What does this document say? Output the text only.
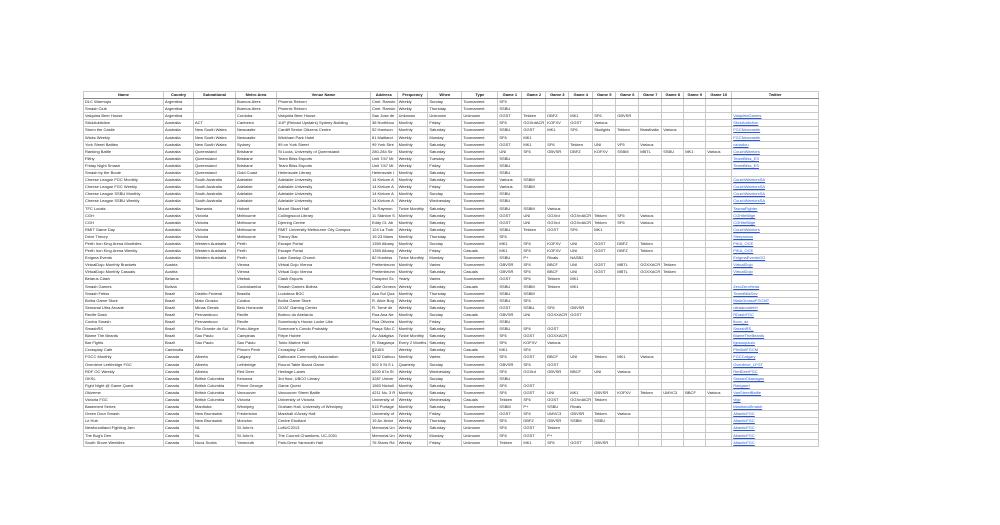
Name	Country	Subnational	Metro Area	Venue Name	Address	Frequency	When	Type	Game 1	Game 2	Game 3	Game 4	Game 5	Game 6	Game 7	Game 8	Game 9	Game 10	Twitter
DLC Warmups	Argentina		Buenos Aires	Phoenix Reborn	Cnel. Ramón	Weekly	Sunday	Tournament	SF5										
Smash Club	Argentina		Buenos Aires	Phoenix Reborn	Cnel. Ramón	Weekly	Thursday	Tournament	SSBU										
Valquiria Beer House	Argentina		Cordoba	Valquiria Beer House	San Jose de	Unknown	Unknown	Unknown	GGST	Tekken	DBFZ	MK1	SF6	GBVSR					ValquiriaGames
StickAddiction	Australia	ACT	Canberra	1UP (Reload Upstairs) Sydney Building	38 Northbou	Monthly	Friday	Tournament	SF6	GGXrdACR	KOFXV	GGST	Various						StickAddiction
Storm the Castle	Australia	New South Wales	Newcastle	Cardiff Senior Citizens Centre	52 Harrison	Monthly	Saturday	Tournament	SSBU	GGST	MK1	SF6	Skullgirls	Tekken	Brawlhalla	Various			FGCNewcastle
Wicks Weekly	Australia	New South Wales	Newcastle	Wickham Park Hotel	61 Maitland	Weekly	Monday	Tournament	SF6	MK1									FGCNewcastle
York Street Battles	Australia	New South Wales	Sydney	99 on York Street	99 York Stre	Monthly	Saturday	Tournament	GGST	MK1	SF6	Tekken	UNI	VF5	Various				ozhadou
Ranking Battle	Australia	Queensland	Brisbane	St Lucia, University of Queensland	280-284 Sir	Monthly	Saturday	Tournament	UNI	SF6	GBVSR	DBFZ	KOFXV	SSBM	MBTL	SSBU	MK1	Various	CouchWarriors
Filthy	Australia	Queensland	Brisbane	Team Bliss Esports	Unit 7/47 Mi	Weekly	Tuesday	Tournament	SSBU										TeamBliss_ES
Friday Night Smash	Australia	Queensland	Brisbane	Team Bliss Esports	Unit 7/47 Mi	Weekly	Friday	Tournament	SSBU										TeamBliss_ES
Smash by the Boote	Australia	Queensland	Gold Coast	Helensvale Library	Helensvale I	Monthly	Saturday	Tournament	SSBU										
Cheese League FGC Monthly	Australia	South Australia	Adelaide	Adelaide University	14 Kintore A	Monthly	Saturday	Tournament	Various	SSBM									CouchWarriorsSA
Cheese League FGC Weekly	Australia	South Australia	Adelaide	Adelaide University	14 Kintore A	Weekly	Friday	Tournament	Various	SSBM									CouchWarriorsSA
Cheese League SSBU Monthly	Australia	South Australia	Adelaide	Adelaide University	14 Kintore A	Monthly	Sunday	Tournament	SSBU										CouchWarriorsSA
Cheese League SSBU Weekly	Australia	South Australia	Adelaide	Adelaide University	14 Kintore A	Weekly	Wednesday	Tournament	SSBU										CouchWarriorsSA
TFC Locals	Australia	Tasmania	Hobart	Mount Stuart Hall	7a Raymon	Twice Monthly	Saturday	Tournament	SSBU	SSBM	Various								TasmaFighter
CGH	Australia	Victoria	Melbourne	Collingwood Library	11 Stanton S	Monthly	Saturday	Tournament	GGST	UNI	GGXrd	GGXrdACR	Tekken	SF6	Various				CGHiteBilge
CGH	Australia	Victoria	Melbourne	Djerring Centre	Eddy Ct. Ab	Monthly	Saturday	Tournament	GGST	UNI	GGXrd	GGXrdACR	Tekken	SF6	Various				CGHiteBilge
RMIT Game Day	Australia	Victoria	Melbourne	RMIT University Melbourne City Campus	124 La Trob	Weekly	Saturday	Tournament	SSBU	Tekken	GGST	SF6	MK1						CouchWarriors
Drive Theory	Australia	Victoria	Melbourne	Theory Bar	19-23 Mans	Monthly	Thursday	Tournament	SF6										Sleeplahos
Perth Iron King Arena Monthlies	Australia	Western Australia	Perth	Escape Portal	1359 Albany	Monthly	Sunday	Tournament	MK1	SF6	KOFXV	UNI	GGST	DBFZ	Tekken				PIKA_OCE
Perth Iron King Arena Weekly	Australia	Western Australia	Perth	Escape Portal	1359 Albany	Weekly	Friday	Casuals	MK1	SF6	KOFXV	UNI	GGST	DBFZ	Tekken				PIKA_OCE
Enigma Events	Australia	Western Australia	Perth	Lake Gwelup Church	82 Huntriss	Twice Monthly	Monday	Tournament	SSBU	P+	Rivals	NASB2							EnigmaEventsGG
VirtualDojo Monthly Brackets	Austria		Vienna	Virtual Dojo Vienna	Preitenbrunn	Monthly	Varies	Tournament	GBVSR	SF6	BBCF	UNI	GGST	MBTL	GGXXACR	Tekken			VirtualDojo
VirtualDojo Monthly Casuals	Austria		Vienna	Virtual Dojo Vienna	Preitenbrunn	Monthly	Saturday	Casuals	GBVSR	SF6	BBCF	UNI	GGST	MBTL	GGXXACR	Tekken			VirtualDojo
Belarus Clash	Belarus		Vitebsk	Clash Esports	Prospect Sc	Yearly	Varies	Tournament	GGST	SF6	Tekken	MK1							
Smash Games	Bolivia		Cochabamba	Smash Games Bolivia	Calle Genera	Weekly	Saturday	Casuals	SSBU	SSBM	Tekken	MK1							ZeroZeroHeda
Smash Fetiss	Brazil	Distrito Federal	Brasilia	Ludoteca BGC	Asa Sul Qua	Monthly	Thursday	Tournament	SSBU	SSBM									TeamBlitzDev
Bolha Game Store	Brazil	Mato Grosso	Cuiaba	Bolha Game Store	R. Alice Bog	Weekly	Saturday	Tournament	SSBU	SF6									MatoGrossoFGCMT
Semanal Ultra Arcade	Brazil	Minas Gerais	Belo Horizonte	GOAT Gaming Center	R. Tomé de	Weekly	Saturday	Tournament	GGST	SSBU	SF6	GBVSR							ultraarcadebh
Recife Dash	Brazil	Pernambuco	Recife	Boteco do Abelardo	Rua Ana Ne	Monthly	Sunday	Casuals	GBVSR	UNI	GGXXACR	GGST							RDashFGC
Contra Smash	Brazil	Pernambuco	Recife	Somebody's House Locke Like	Rua Oliveira	Monthly	Friday	Tournament	SSBU										fiooo_ax
SmashRS	Brazil	Rio Grande do Sul	Porto Alegre	Someone's Condo Probably	Praça São C	Monthly	Saturday	Tournament	SSBU	SF6	GGST								SmashRS_
Blame The Beards	Brazil	Sao Paulo	Campinas	Fiépe Hubée	Av. Adalgisa	Twice Monthly	Saturday	Tournament	SF6	GGST	GGXXACR								BlameTheBeards
Bar Fights	Brazil	Sao Paulo	Sao Paulo	Tokio Marine Hall	R. Bragança	Every 2 Months	Saturday	Tournament	SF6	KOFXV	Various								fgcsaopaulo
Crossplay Cafe	Cambodia		Phnom Penh	Crossplay Cafe	ផ្ទះលេខ	Weekly	Saturday	Casuals	MK1	SF6									PhnBotFGCM
FGCC Monthly	Canada	Alberta	Calgary	Dalhousie Community Association	5432 Dalhou	Monthly	Varies	Tournament	SF6	GGST	BBCF	UNI	Tekken	MK1	Various				FGCCalgary
Overdrive Lethbridge FGC	Canada	Alberta	Lethbridge	Round Table Board Game	502 5 St S L	Quarterly	Sunday	Tournament	GBVSR	SF6	GGST								Overdrive_LFGT
RDF OC Weekly	Canada	Alberta	Red Deer	Heritage Lanes	6200 67a St	Weekly	Wednesday	Tournament	SF6	GGXrd	GBVSR	BBCF	UNI	Various					RedDeerFGC
OKSL	Canada	British Columbia	Kelowna	3rd floor, UBCO Library	3287 Univer	Weekly	Sunday	Tournament	SSBU										SmashOkanagan
Fight Night @ Game Quest	Canada	British Columbia	Prince George	Game Quest	1563 Nicholl	Monthly	Saturday	Tournament	SF6	GGST									Raeganrt
Okizeme	Canada	British Columbia	Vancouver	Vancouver Street Battle	4211 No. 3 R	Monthly	Saturday	Tournament	SF6	GGST	UNI	MK1	GBVSR	KOFXV	Tekken	UMVC3	BBCF	Various	VanStreetBattle
Victoria FGC	Canada	British Columbia	Victoria	University of Victoria	University of	Weekly	Wednesday	Casuals	Tekken	SF6	GGST	GGXrdACR	Tekken						vfgc
Basement Series	Canada	Manitoba	Winnipeg	Graham Hall, University of Winnipeg	515 Portage	Monthly	Saturday	Tournament	SSBM	P+	SSBU	Rivals							ManitobaSmash
Green Door Smash	Canada	New Brunswick	Fredericton	Marshall d'Avray Hall	University of	Weekly	Friday	Tournament	GGST	SF6	UMVC3	GBVSR	Tekken	Various					AtlanticFGC
Le Hub	Canada	New Brunswick	Moncton	Centre Etudiant	19 Av. Antor	Weekly	Thursday	Tournament	SF6	DBFZ	GBVSR	SSBM	SSBU						AtlanticFGC
Newfoundland Fighting Jam	Canada	NL	St John's	LoftUC2013	Memorial Un	Weekly	Saturday	Unknown	SF6	GGST	Tekken								AtlanticFGC
The Bug's Den	Canada	NL	St John's	The Council Chambers, UC-2001	Memorial Un	Weekly	Monday	Unknown	SF6	GGST	P+								AtlanticFGC
South Shore Weeklies	Canada	Nova Scotia	Yarmouth	Pain-Drew Yarmouth Hall	76 Starrs Rd	Weekly	Friday	Unknown	Tekken	MK1	SF6	GGST	GBVSR						AtlanticFGC
